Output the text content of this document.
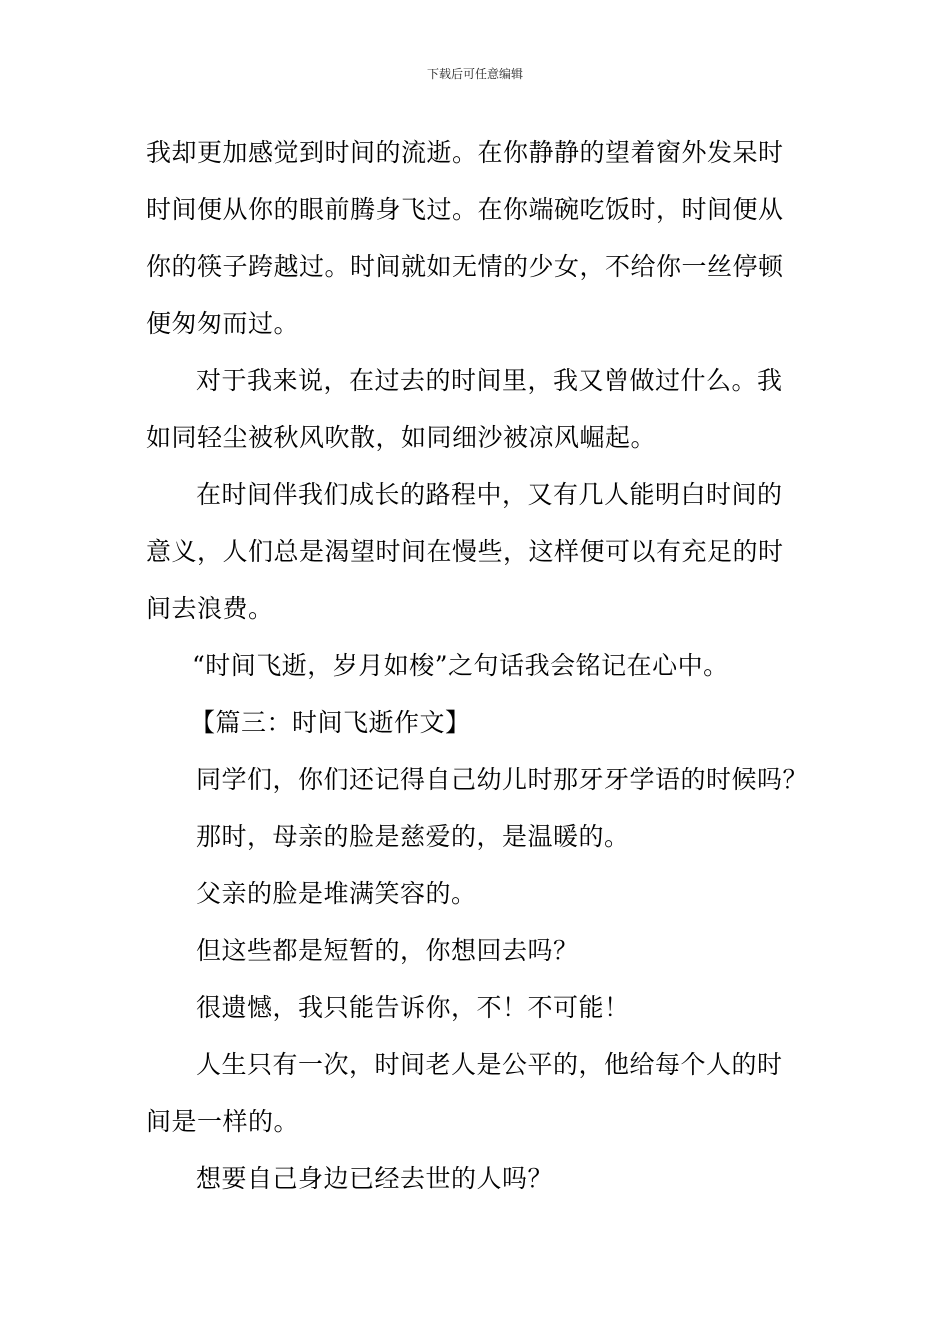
下载后可任意编辑
我却更加感觉到时间的流逝。在你静静的望着窗外发呆时
时间便从你的眼前腾身飞过。在你端碗吃饭时，时间便从
你的筷子跨越过。时间就如无情的少女，不给你一丝停顿
便匆匆而过。
对于我来说，在过去的时间里，我又曾做过什么。我
如同轻尘被秋风吹散，如同细沙被凉风崛起。
在时间伴我们成长的路程中，又有几人能明白时间的
意义，人们总是渴望时间在慢些，这样便可以有充足的时
间去浪费。
“时间飞逝，岁月如梭”之句话我会铭记在心中。
【篇三：时间飞逝作文】
同学们，你们还记得自己幼儿时那牙牙学语的时候吗？
那时，母亲的脸是慈爱的，是温暖的。
父亲的脸是堆满笑容的。
但这些都是短暂的，你想回去吗？
很遗憾，我只能告诉你，不！不可能！
人生只有一次，时间老人是公平的，他给每个人的时
间是一样的。
想要自己身边已经去世的人吗？
